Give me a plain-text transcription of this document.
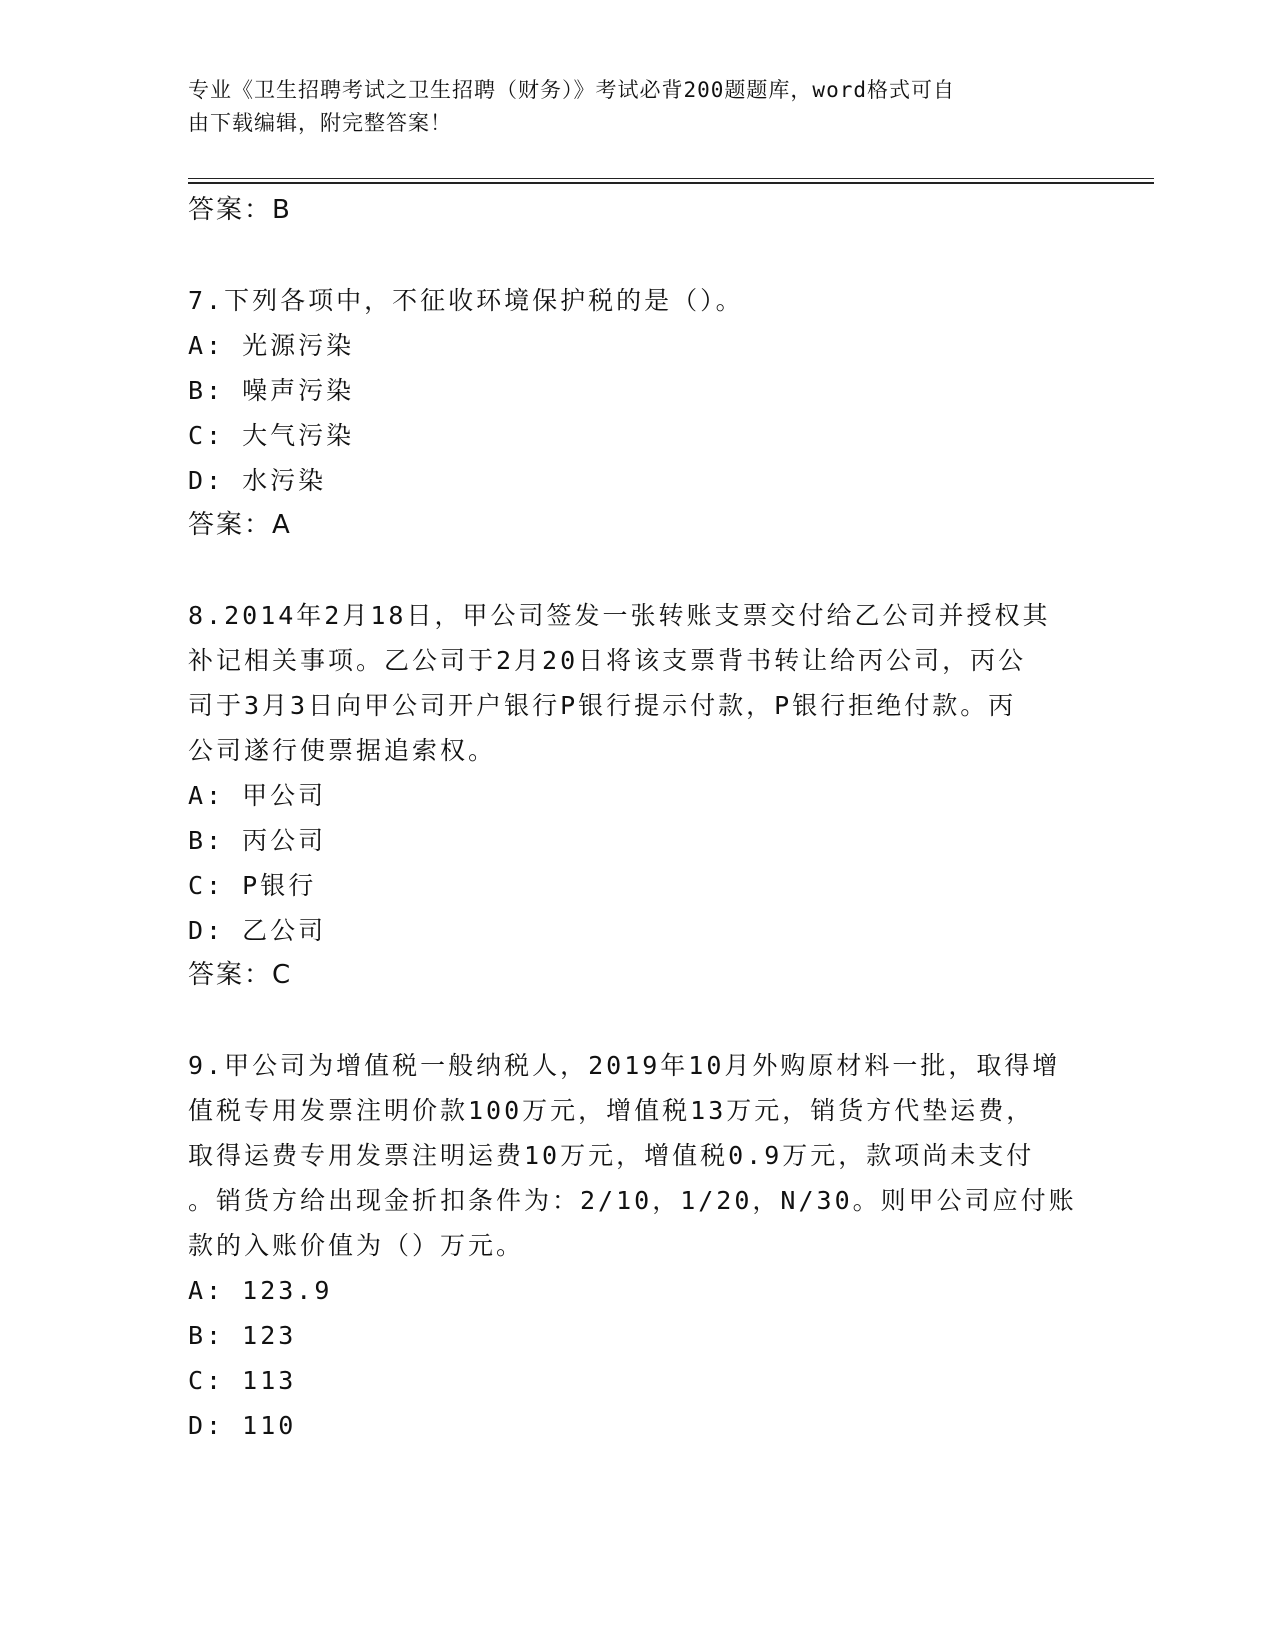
专业《卫生招聘考试之卫生招聘（财务）》考试必背200题题库，word格式可自
由下载编辑，附完整答案！
答案：B
7.下列各项中，不征收环境保护税的是（）。
A: 光源污染
B: 噪声污染
C: 大气污染
D: 水污染
答案：A
8.2014年2月18日，甲公司签发一张转账支票交付给乙公司并授权其
补记相关事项。乙公司于2月20日将该支票背书转让给丙公司，丙公
司于3月3日向甲公司开户银行P银行提示付款，P银行拒绝付款。丙
公司遂行使票据追索权。
A: 甲公司
B: 丙公司
C: P银行
D: 乙公司
答案：C
9.甲公司为增值税一般纳税人，2019年10月外购原材料一批，取得增
值税专用发票注明价款100万元，增值税13万元，销货方代垫运费，
取得运费专用发票注明运费10万元，增值税0.9万元，款项尚未支付
。销货方给出现金折扣条件为：2/10，1/20，N/30。则甲公司应付账
款的入账价值为（）万元。
A: 123.9
B: 123
C: 113
D: 110
